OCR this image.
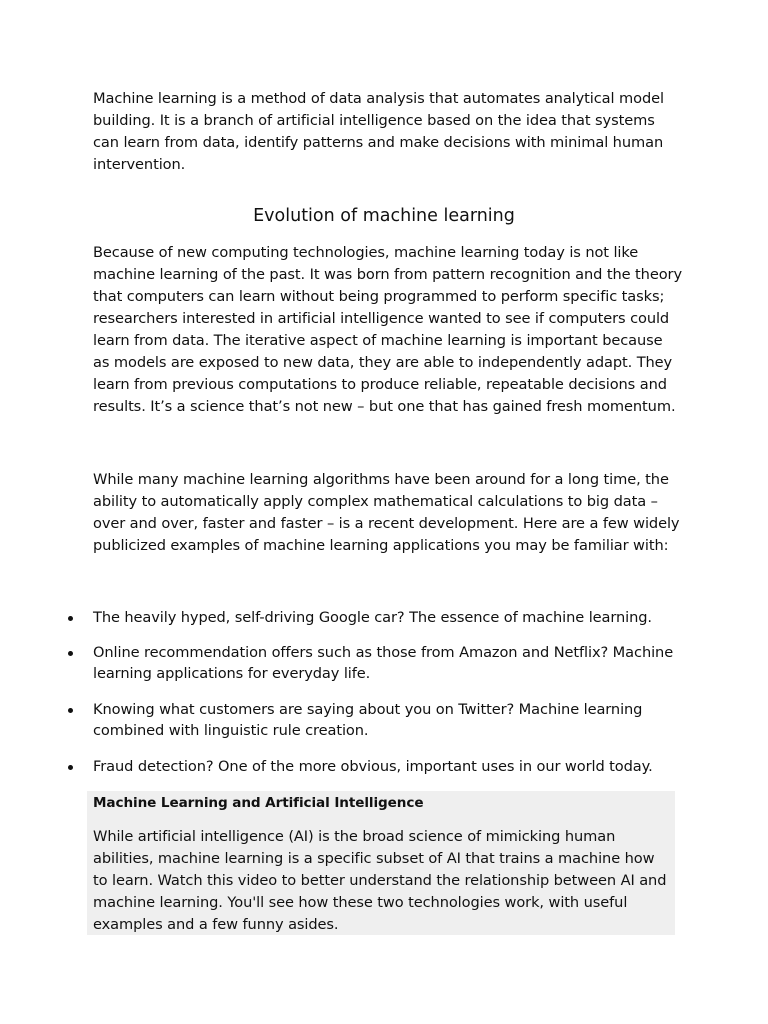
Machine learning is a method of data analysis that automates analytical model building. It is a branch of artificial intelligence based on the idea that systems can learn from data, identify patterns and make decisions with minimal human intervention.

Evolution of machine learning

Because of new computing technologies, machine learning today is not like machine learning of the past. It was born from pattern recognition and the theory that computers can learn without being programmed to perform specific tasks; researchers interested in artificial intelligence wanted to see if computers could learn from data. The iterative aspect of machine learning is important because as models are exposed to new data, they are able to independently adapt. They learn from previous computations to produce reliable, repeatable decisions and results. It’s a science that’s not new – but one that has gained fresh momentum.

While many machine learning algorithms have been around for a long time, the ability to automatically apply complex mathematical calculations to big data – over and over, faster and faster – is a recent development. Here are a few widely publicized examples of machine learning applications you may be familiar with:

The heavily hyped, self-driving Google car? The essence of machine learning.
Online recommendation offers such as those from Amazon and Netflix? Machine learning applications for everyday life.
Knowing what customers are saying about you on Twitter? Machine learning combined with linguistic rule creation.
Fraud detection? One of the more obvious, important uses in our world today.
Machine Learning and Artificial Intelligence

While artificial intelligence (AI) is the broad science of mimicking human abilities, machine learning is a specific subset of AI that trains a machine how to learn. Watch this video to better understand the relationship between AI and machine learning. You'll see how these two technologies work, with useful examples and a few funny asides.
